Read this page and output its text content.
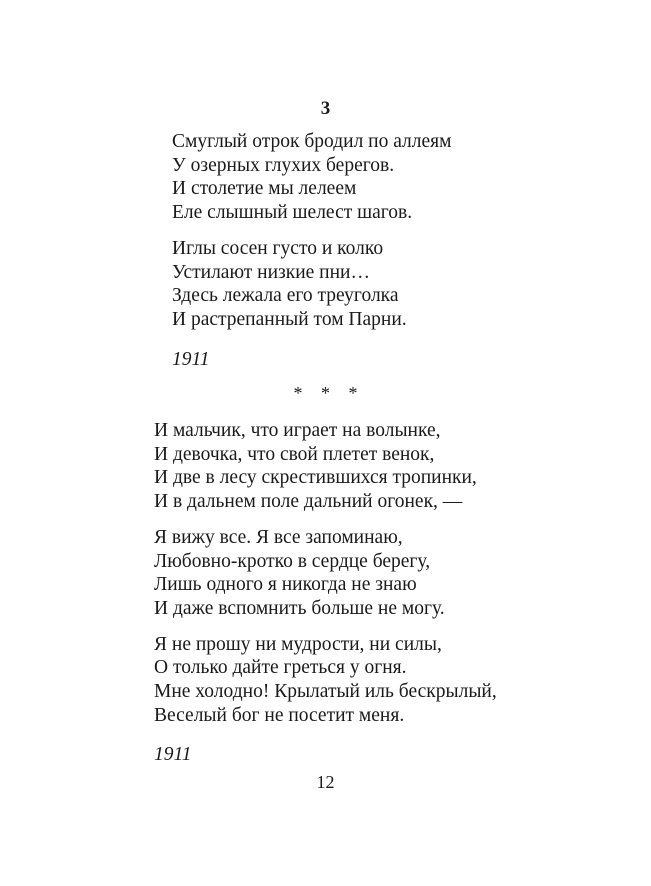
3
Смуглый отрок бродил по аллеям
У озерных глухих берегов.
И столетие мы лелеем
Еле слышный шелест шагов.
Иглы сосен густо и колко
Устилают низкие пни…
Здесь лежала его треуголка
И растрепанный том Парни.
1911
* * *
И мальчик, что играет на волынке,
И девочка, что свой плетет венок,
И две в лесу скрестившихся тропинки,
И в дальнем поле дальний огонек, —
Я вижу все. Я все запоминаю,
Любовно-кротко в сердце берегу,
Лишь одного я никогда не знаю
И даже вспомнить больше не могу.
Я не прошу ни мудрости, ни силы,
О только дайте греться у огня.
Мне холодно! Крылатый иль бескрылый,
Веселый бог не посетит меня.
1911
12
